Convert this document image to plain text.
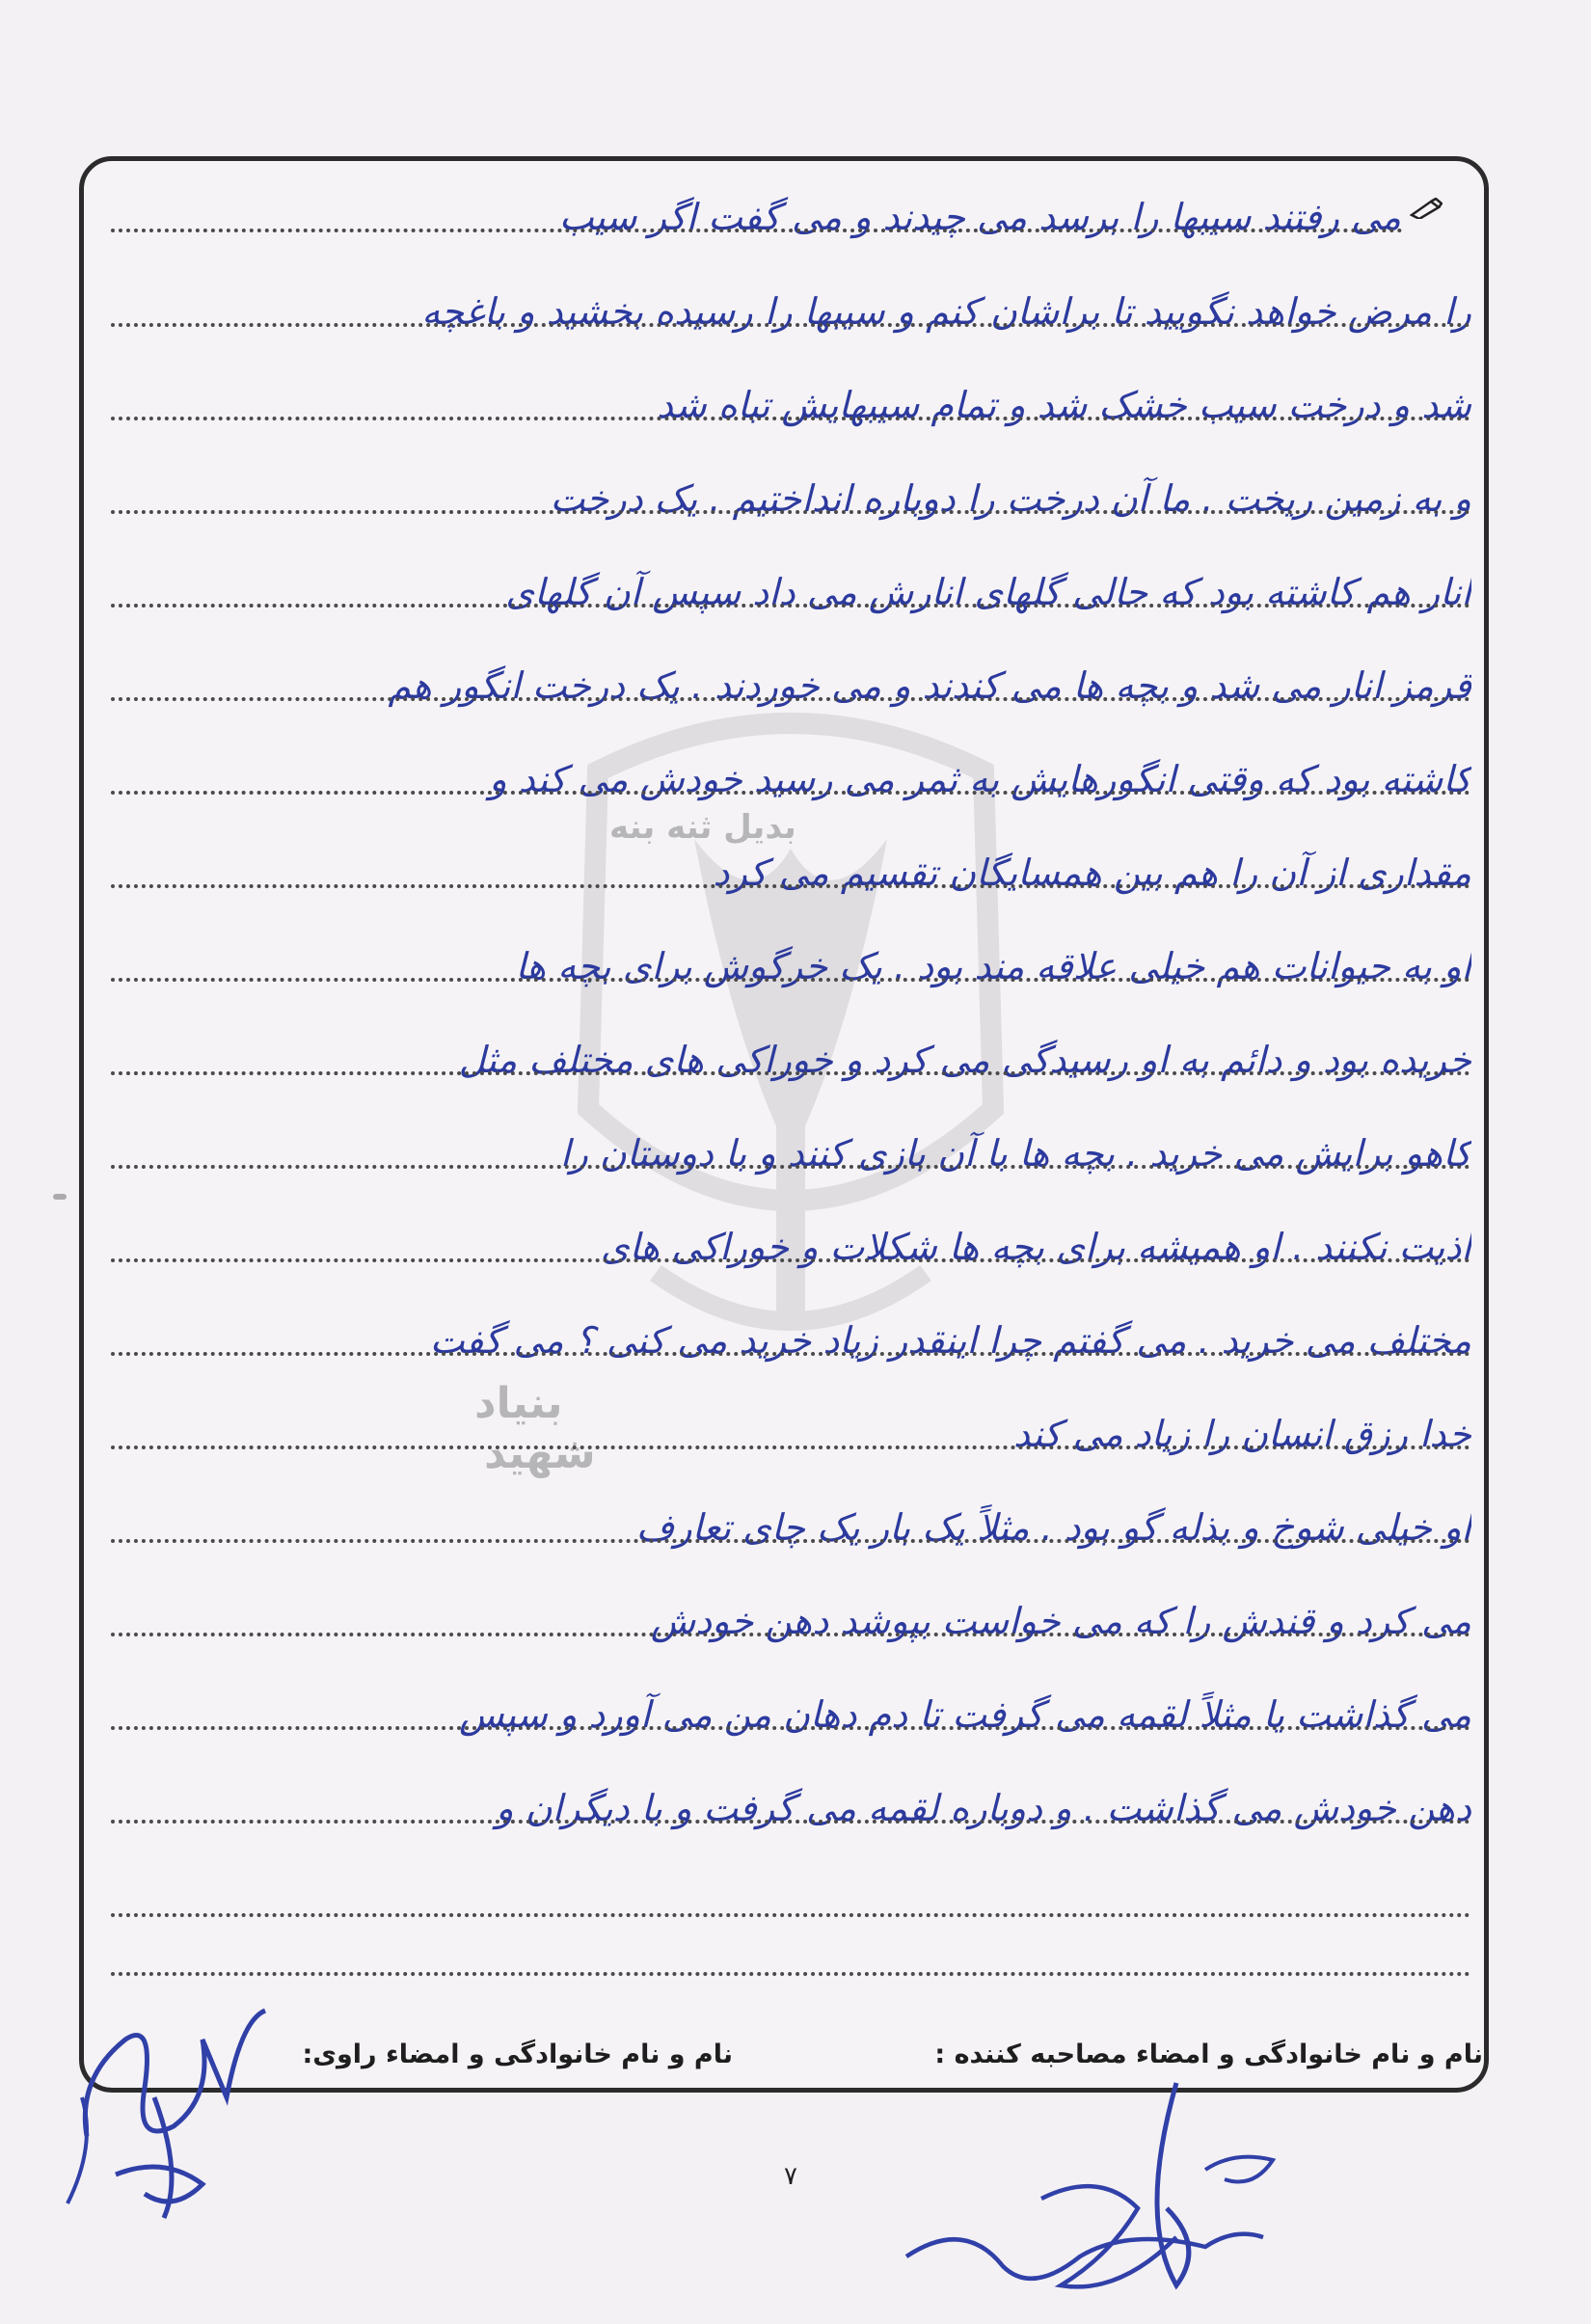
بدیل ثنه بنه
بنیاد
شهید
می رفتند سیبها را برسد می چیدند و می گفت اگر سیب
را مرض خواهد نگویید تا براشان کنم و سیبها را رسیده بخشید و باغچه
شد و درخت سیب خشک شد و تمام سیبهایش تباه شد
و به زمین ریخت . ما آن درخت را دوباره انداختیم . یک درخت
انار هم کاشته بود که حالی گلهای انارش می داد سپس آن گلهای
قرمز انار می شد و بچه ها می کندند و می خوردند . یک درخت انگور هم
کاشته بود که وقتی انگورهایش به ثمر می رسید خودش می کند و
مقداری از آن را هم بین همسایگان تقسیم می کرد
او به حیوانات هم خیلی علاقه مند بود . یک خرگوش برای بچه ها
خریده بود و دائم به او رسیدگی می کرد و خوراکی های مختلف مثل
کاهو برایش می خرید . بچه ها با آن بازی کنند و با دوستان را
اذیت نکنند . او همیشه برای بچه ها شکلات و خوراکی های
مختلف می خرید . می گفتم چرا اینقدر زیاد خرید می کنی ؟ می گفت
خدا رزق انسان را زیاد می کند
او خیلی شوخ و بذله گو بود . مثلاً یک بار یک چای تعارف
می کرد و قندش را که می خواست بپوشد دهن خودش
می گذاشت یا مثلاً لقمه می گرفت تا دم دهان من می آورد و سپس
دهن خودش می گذاشت . و دوباره لقمه می گرفت و با دیگران و
نام و نام خانوادگی و امضاء مصاحبه کننده :
نام و نام خانوادگی و امضاء راوی:
۷
